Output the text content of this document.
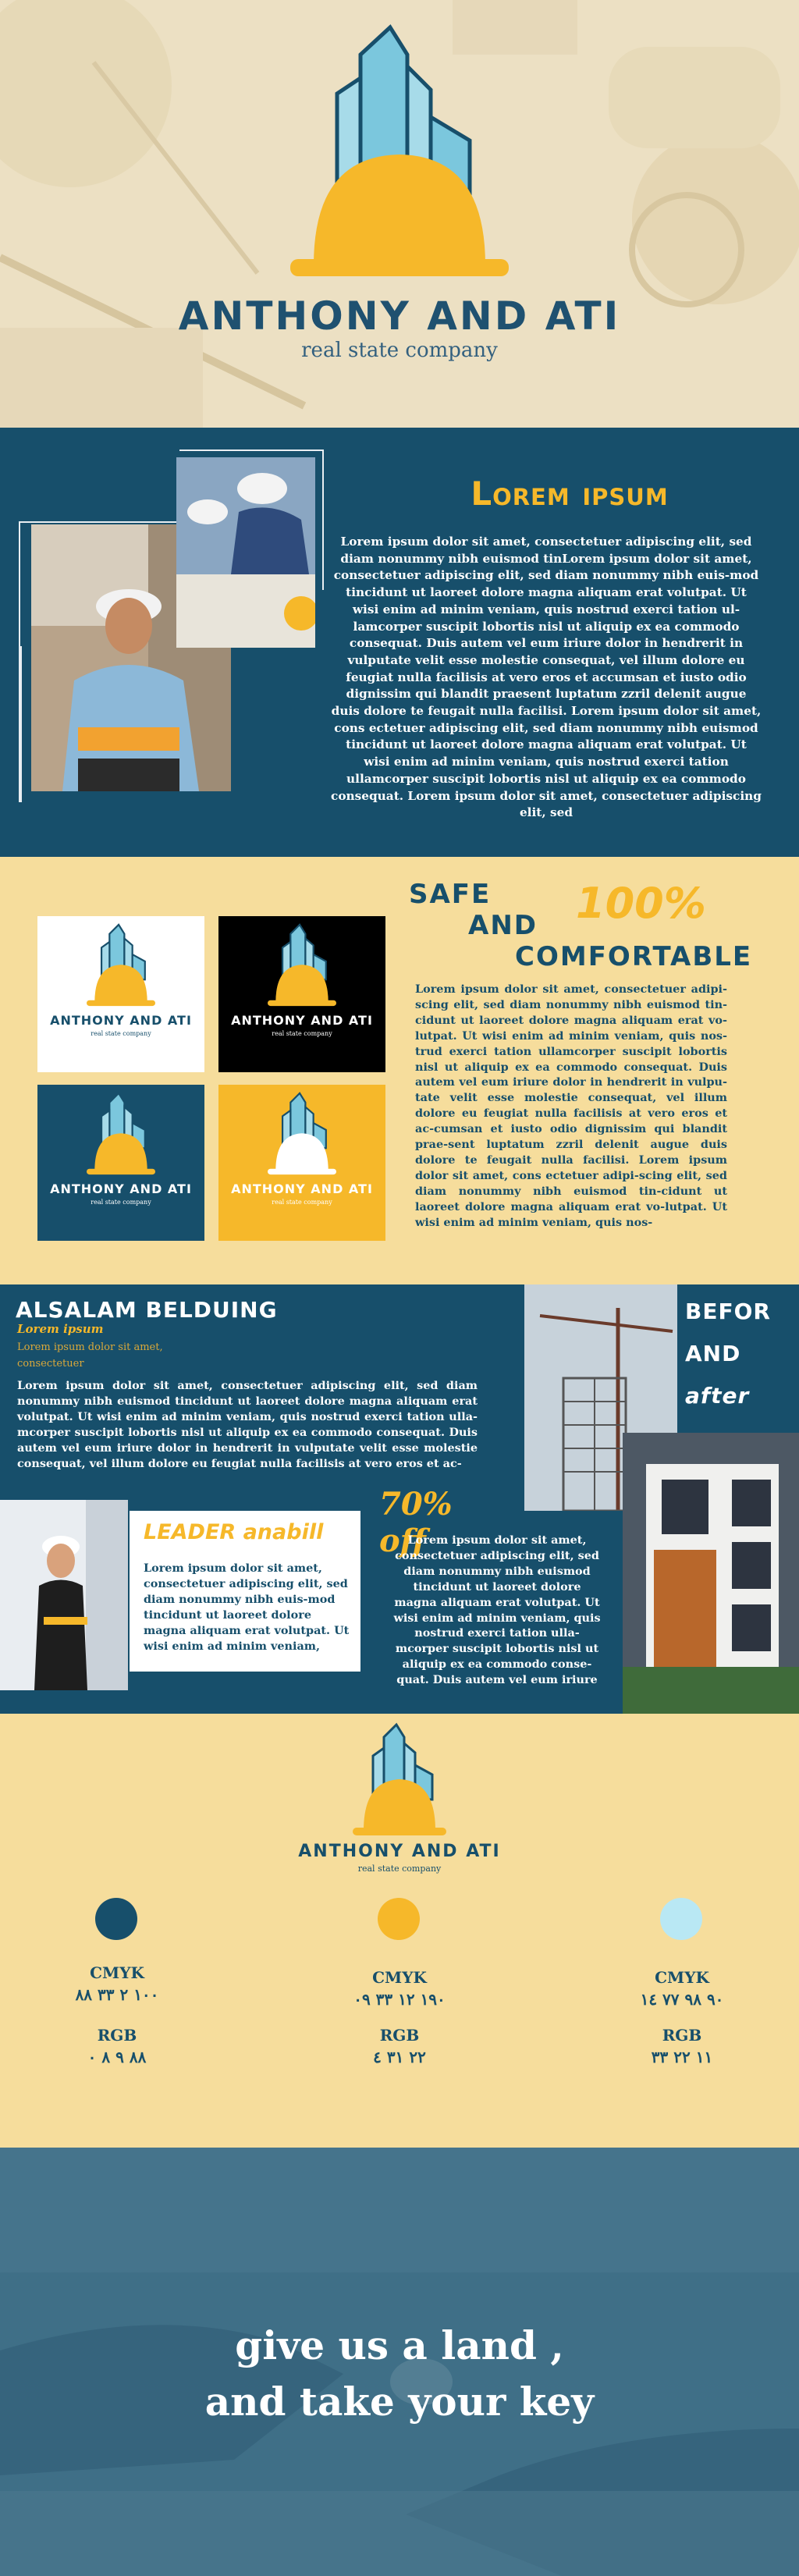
ANTHONY AND ATI
real state company
Lorem ipsum
Lorem ipsum dolor sit amet, consectetuer adipiscing elit, sed diam nonummy nibh euismod tinLorem ipsum dolor sit amet, consectetuer adipiscing elit, sed diam nonummy nibh euis-mod tincidunt ut laoreet dolore magna aliquam erat volutpat. Ut wisi enim ad minim veniam, quis nostrud exerci tation ul-lamcorper suscipit lobortis nisl ut aliquip ex ea commodo consequat. Duis autem vel eum iriure dolor in hendrerit in vulputate velit esse molestie consequat, vel illum dolore eu feugiat nulla facilisis at vero eros et accumsan et iusto odio dignissim qui blandit praesent luptatum zzril delenit augue duis dolore te feugait nulla facilisi. Lorem ipsum dolor sit amet, cons ectetuer adipiscing elit, sed diam nonummy nibh euismod tincidunt ut laoreet dolore magna aliquam erat volutpat. Ut wisi enim ad minim veniam, quis nostrud exerci tation ullamcorper suscipit lobortis nisl ut aliquip ex ea commodo consequat. Lorem ipsum dolor sit amet, consectetuer adipiscing elit, sed
ANTHONY AND ATI
real state company
ANTHONY AND ATI
real state company
ANTHONY AND ATI
real state company
ANTHONY AND ATI
real state company
SAFE
AND 100%
COMFORTABLE
Lorem ipsum dolor sit amet, consectetuer adipi-scing elit, sed diam nonummy nibh euismod tin-cidunt ut laoreet dolore magna aliquam erat vo-lutpat. Ut wisi enim ad minim veniam, quis nos-trud exerci tation ullamcorper suscipit lobortis nisl ut aliquip ex ea commodo consequat. Duis autem vel eum iriure dolor in hendrerit in vulpu-tate velit esse molestie consequat, vel illum dolore eu feugiat nulla facilisis at vero eros et ac-cumsan et iusto odio dignissim qui blandit prae-sent luptatum zzril delenit augue duis dolore te feugait nulla facilisi. Lorem ipsum dolor sit amet, cons ectetuer adipi-scing elit, sed diam nonummy nibh euismod tin-cidunt ut laoreet dolore magna aliquam erat vo-lutpat. Ut wisi enim ad minim veniam, quis nos-
ALSALAM BELDUING
Lorem ipsum
Lorem ipsum dolor sit amet, consectetuer
Lorem ipsum dolor sit amet, consectetuer adipiscing elit, sed diam nonummy nibh euismod tincidunt ut laoreet dolore magna aliquam erat volutpat. Ut wisi enim ad minim veniam, quis nostrud exerci tation ulla-mcorper suscipit lobortis nisl ut aliquip ex ea commodo consequat. Duis autem vel eum iriure dolor in hendrerit in vulputate velit esse molestie consequat, vel illum dolore eu feugiat nulla facilisis at vero eros et ac-
BEFOR
AND
after
70% off
Lorem ipsum dolor sit amet, consectetuer adipiscing elit, sed diam nonummy nibh euismod tincidunt ut laoreet dolore magna aliquam erat volutpat. Ut wisi enim ad minim veniam, quis nostrud exerci tation ulla-mcorper suscipit lobortis nisl ut aliquip ex ea commodo conse-quat. Duis autem vel eum iriure
LEADER anabill

Lorem ipsum dolor sit amet, consectetuer adipiscing elit, sed diam nonummy nibh euis-mod tincidunt ut laoreet dolore magna aliquam erat volutpat. Ut wisi enim ad minim veniam,

ANTHONY AND ATI
real state company
CMYK
١٠٠ ٢ ٣٣ ٨٨
RGB
٨٨ ٩ ٨ ٠
CMYK
١٩٠ ١٢ ٣٣ ٠٩
RGB
٢٢ ٣١ ٤
CMYK
٩٠ ٩٨ ٧٧ ١٤
RGB
١١ ٢٢ ٣٣
give us a land ,
and take your key
